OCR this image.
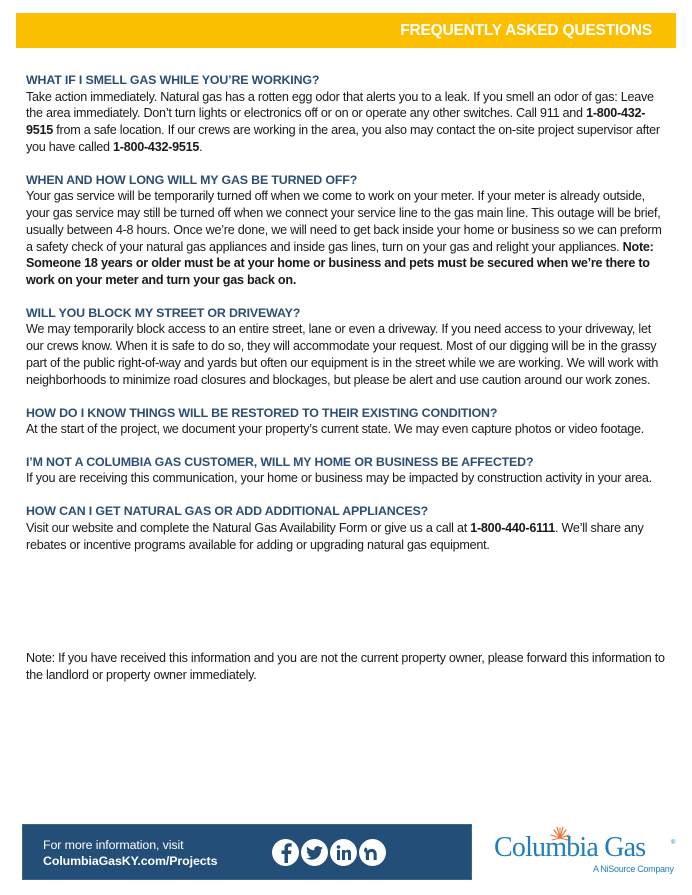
FREQUENTLY ASKED QUESTIONS

WHAT IF I SMELL GAS WHILE YOU’RE WORKING?

Take action immediately. Natural gas has a rotten egg odor that alerts you to a leak. If you smell an odor of gas: Leave the area immediately. Don’t turn lights or electronics off or on or operate any other switches. Call 911 and 1-800-432-9515 from a safe location. If our crews are working in the area, you also may contact the on-site project supervisor after you have called 1-800-432-9515.

WHEN AND HOW LONG WILL MY GAS BE TURNED OFF?

Your gas service will be temporarily turned off when we come to work on your meter. If your meter is already outside, your gas service may still be turned off when we connect your service line to the gas main line. This outage will be brief, usually between 4-8 hours. Once we’re done, we will need to get back inside your home or business so we can preform a safety check of your natural gas appliances and inside gas lines, turn on your gas and relight your appliances. Note: Someone 18 years or older must be at your home or business and pets must be secured when we’re there to work on your meter and turn your gas back on.

WILL YOU BLOCK MY STREET OR DRIVEWAY?

We may temporarily block access to an entire street, lane or even a driveway. If you need access to your driveway, let our crews know. When it is safe to do so, they will accommodate your request. Most of our digging will be in the grassy part of the public right-of-way and yards but often our equipment is in the street while we are working. We will work with neighborhoods to minimize road closures and blockages, but please be alert and use caution around our work zones.

HOW DO I KNOW THINGS WILL BE RESTORED TO THEIR EXISTING CONDITION?

At the start of the project, we document your property’s current state. We may even capture photos or video footage.

I’M NOT A COLUMBIA GAS CUSTOMER, WILL MY HOME OR BUSINESS BE AFFECTED?

If you are receiving this communication, your home or business may be impacted by construction activity in your area.

HOW CAN I GET NATURAL GAS OR ADD ADDITIONAL APPLIANCES?

Visit our website and complete the Natural Gas Availability Form or give us a call at 1-800-440-6111. We’ll share any rebates or incentive programs available for adding or upgrading natural gas equipment.

Note: If you have received this information and you are not the current property owner, please forward this information to the landlord or property owner immediately.

For more information, visit
ColumbiaGasKY.com/Projects	Columbia Gas	®
A NiSource Company
